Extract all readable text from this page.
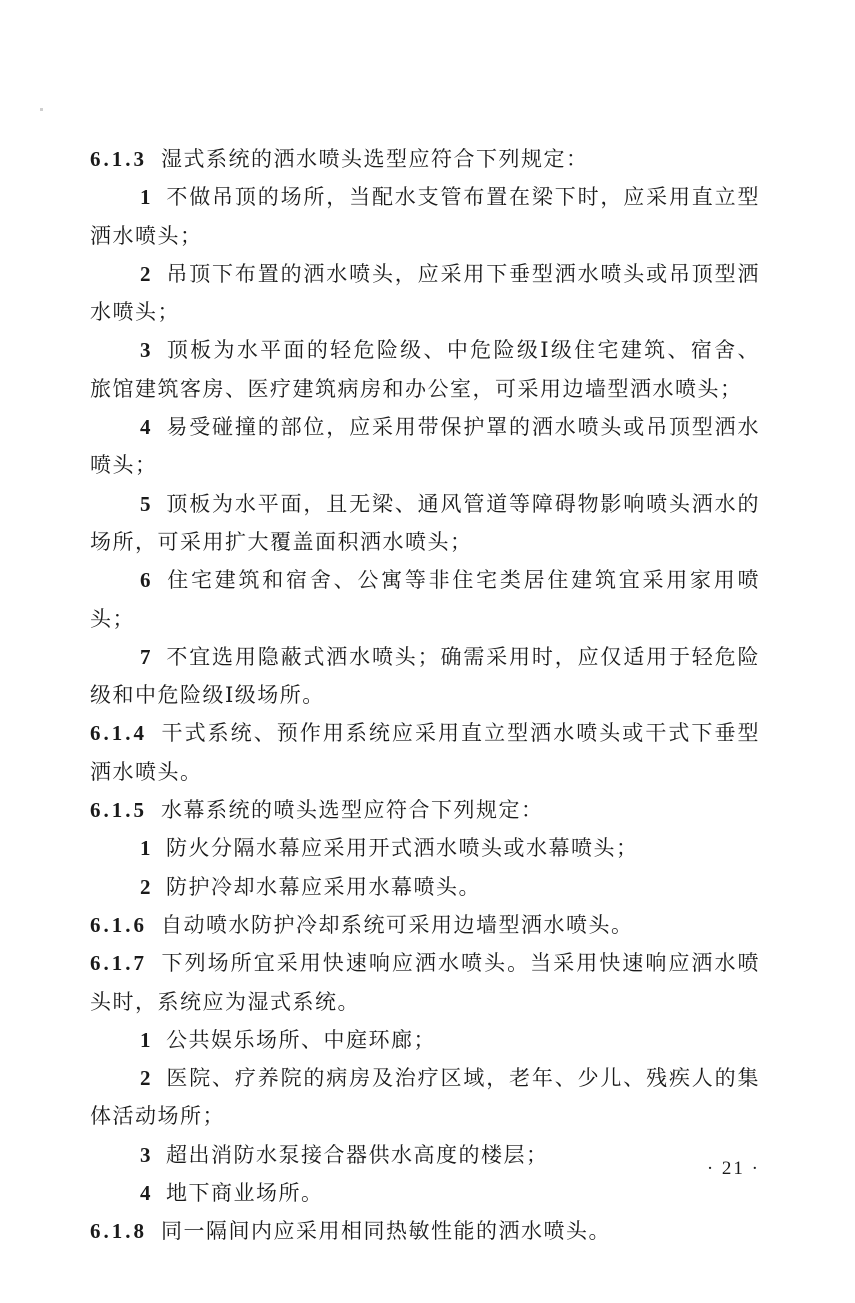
6.1.3 湿式系统的洒水喷头选型应符合下列规定：

1 不做吊顶的场所，当配水支管布置在梁下时，应采用直立型洒水喷头；

2 吊顶下布置的洒水喷头，应采用下垂型洒水喷头或吊顶型洒水喷头；

3 顶板为水平面的轻危险级、中危险级Ⅰ级住宅建筑、宿舍、旅馆建筑客房、医疗建筑病房和办公室，可采用边墙型洒水喷头；

4 易受碰撞的部位，应采用带保护罩的洒水喷头或吊顶型洒水喷头；

5 顶板为水平面，且无梁、通风管道等障碍物影响喷头洒水的场所，可采用扩大覆盖面积洒水喷头；

6 住宅建筑和宿舍、公寓等非住宅类居住建筑宜采用家用喷头；

7 不宜选用隐蔽式洒水喷头；确需采用时，应仅适用于轻危险级和中危险级Ⅰ级场所。

6.1.4 干式系统、预作用系统应采用直立型洒水喷头或干式下垂型洒水喷头。

6.1.5 水幕系统的喷头选型应符合下列规定：

1 防火分隔水幕应采用开式洒水喷头或水幕喷头；

2 防护冷却水幕应采用水幕喷头。

6.1.6 自动喷水防护冷却系统可采用边墙型洒水喷头。

6.1.7 下列场所宜采用快速响应洒水喷头。当采用快速响应洒水喷头时，系统应为湿式系统。

1 公共娱乐场所、中庭环廊；

2 医院、疗养院的病房及治疗区域，老年、少儿、残疾人的集体活动场所；

3 超出消防水泵接合器供水高度的楼层；

4 地下商业场所。

6.1.8 同一隔间内应采用相同热敏性能的洒水喷头。

· 21 ·
